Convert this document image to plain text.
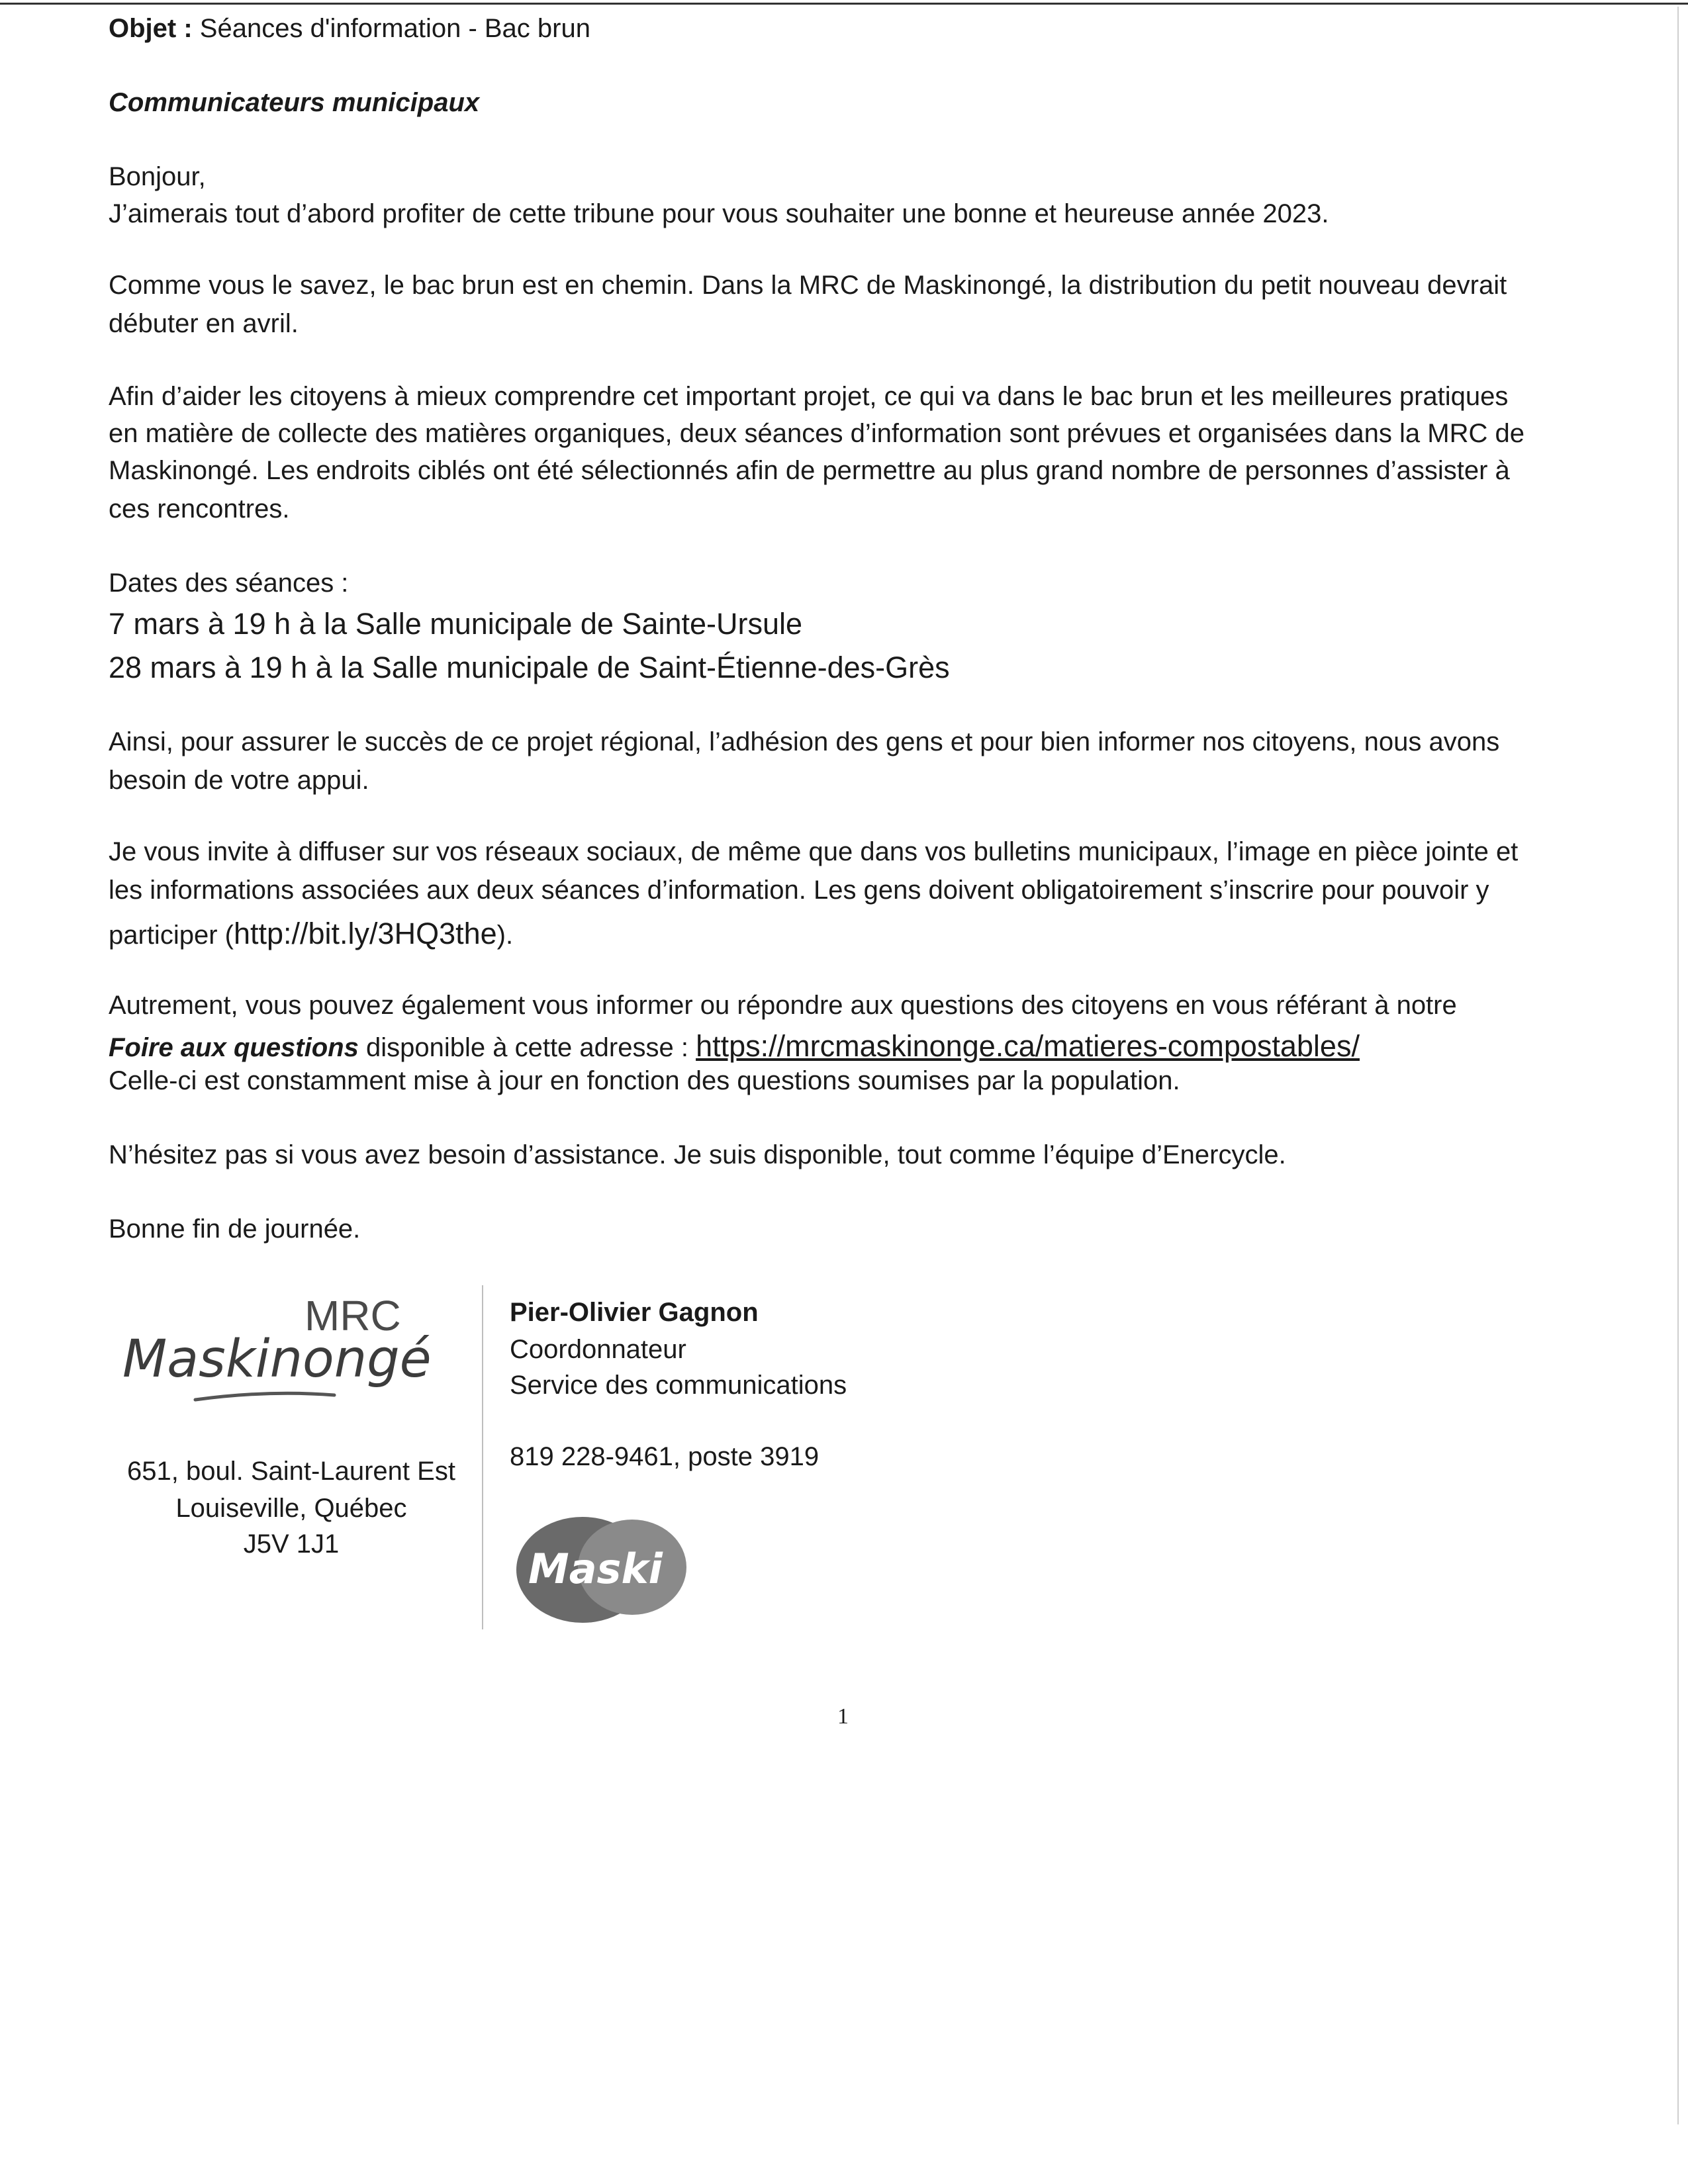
Objet : Séances d'information - Bac brun

Communicateurs municipaux

Bonjour,

J’aimerais tout d’abord profiter de cette tribune pour vous souhaiter une bonne et heureuse année 2023.

Comme vous le savez, le bac brun est en chemin. Dans la MRC de Maskinongé, la distribution du petit nouveau devrait

débuter en avril.

Afin d’aider les citoyens à mieux comprendre cet important projet, ce qui va dans le bac brun et les meilleures pratiques

en matière de collecte des matières organiques, deux séances d’information sont prévues et organisées dans la MRC de

Maskinongé. Les endroits ciblés ont été sélectionnés afin de permettre au plus grand nombre de personnes d’assister à

ces rencontres.

Dates des séances :

7 mars à 19 h à la Salle municipale de Sainte-Ursule

28 mars à 19 h à la Salle municipale de Saint-Étienne-des-Grès

Ainsi, pour assurer le succès de ce projet régional, l’adhésion des gens et pour bien informer nos citoyens, nous avons

besoin de votre appui.

Je vous invite à diffuser sur vos réseaux sociaux, de même que dans vos bulletins municipaux, l’image en pièce jointe et

les informations associées aux deux séances d’information. Les gens doivent obligatoirement s’inscrire pour pouvoir y

participer (http://bit.ly/3HQ3the).

Autrement, vous pouvez également vous informer ou répondre aux questions des citoyens en vous référant à notre

Foire aux questions disponible à cette adresse : https://mrcmaskinonge.ca/matieres-compostables/

Celle-ci est constamment mise à jour en fonction des questions soumises par la population.

N’hésitez pas si vous avez besoin d’assistance. Je suis disponible, tout comme l’équipe d’Enercycle.

Bonne fin de journée.

MRC
Maskinongé
651, boul. Saint-Laurent Est
Louiseville, Québec
J5V 1J1
Pier-Olivier Gagnon
Coordonnateur
Service des communications
819 228-9461, poste 3919
Maski
1
